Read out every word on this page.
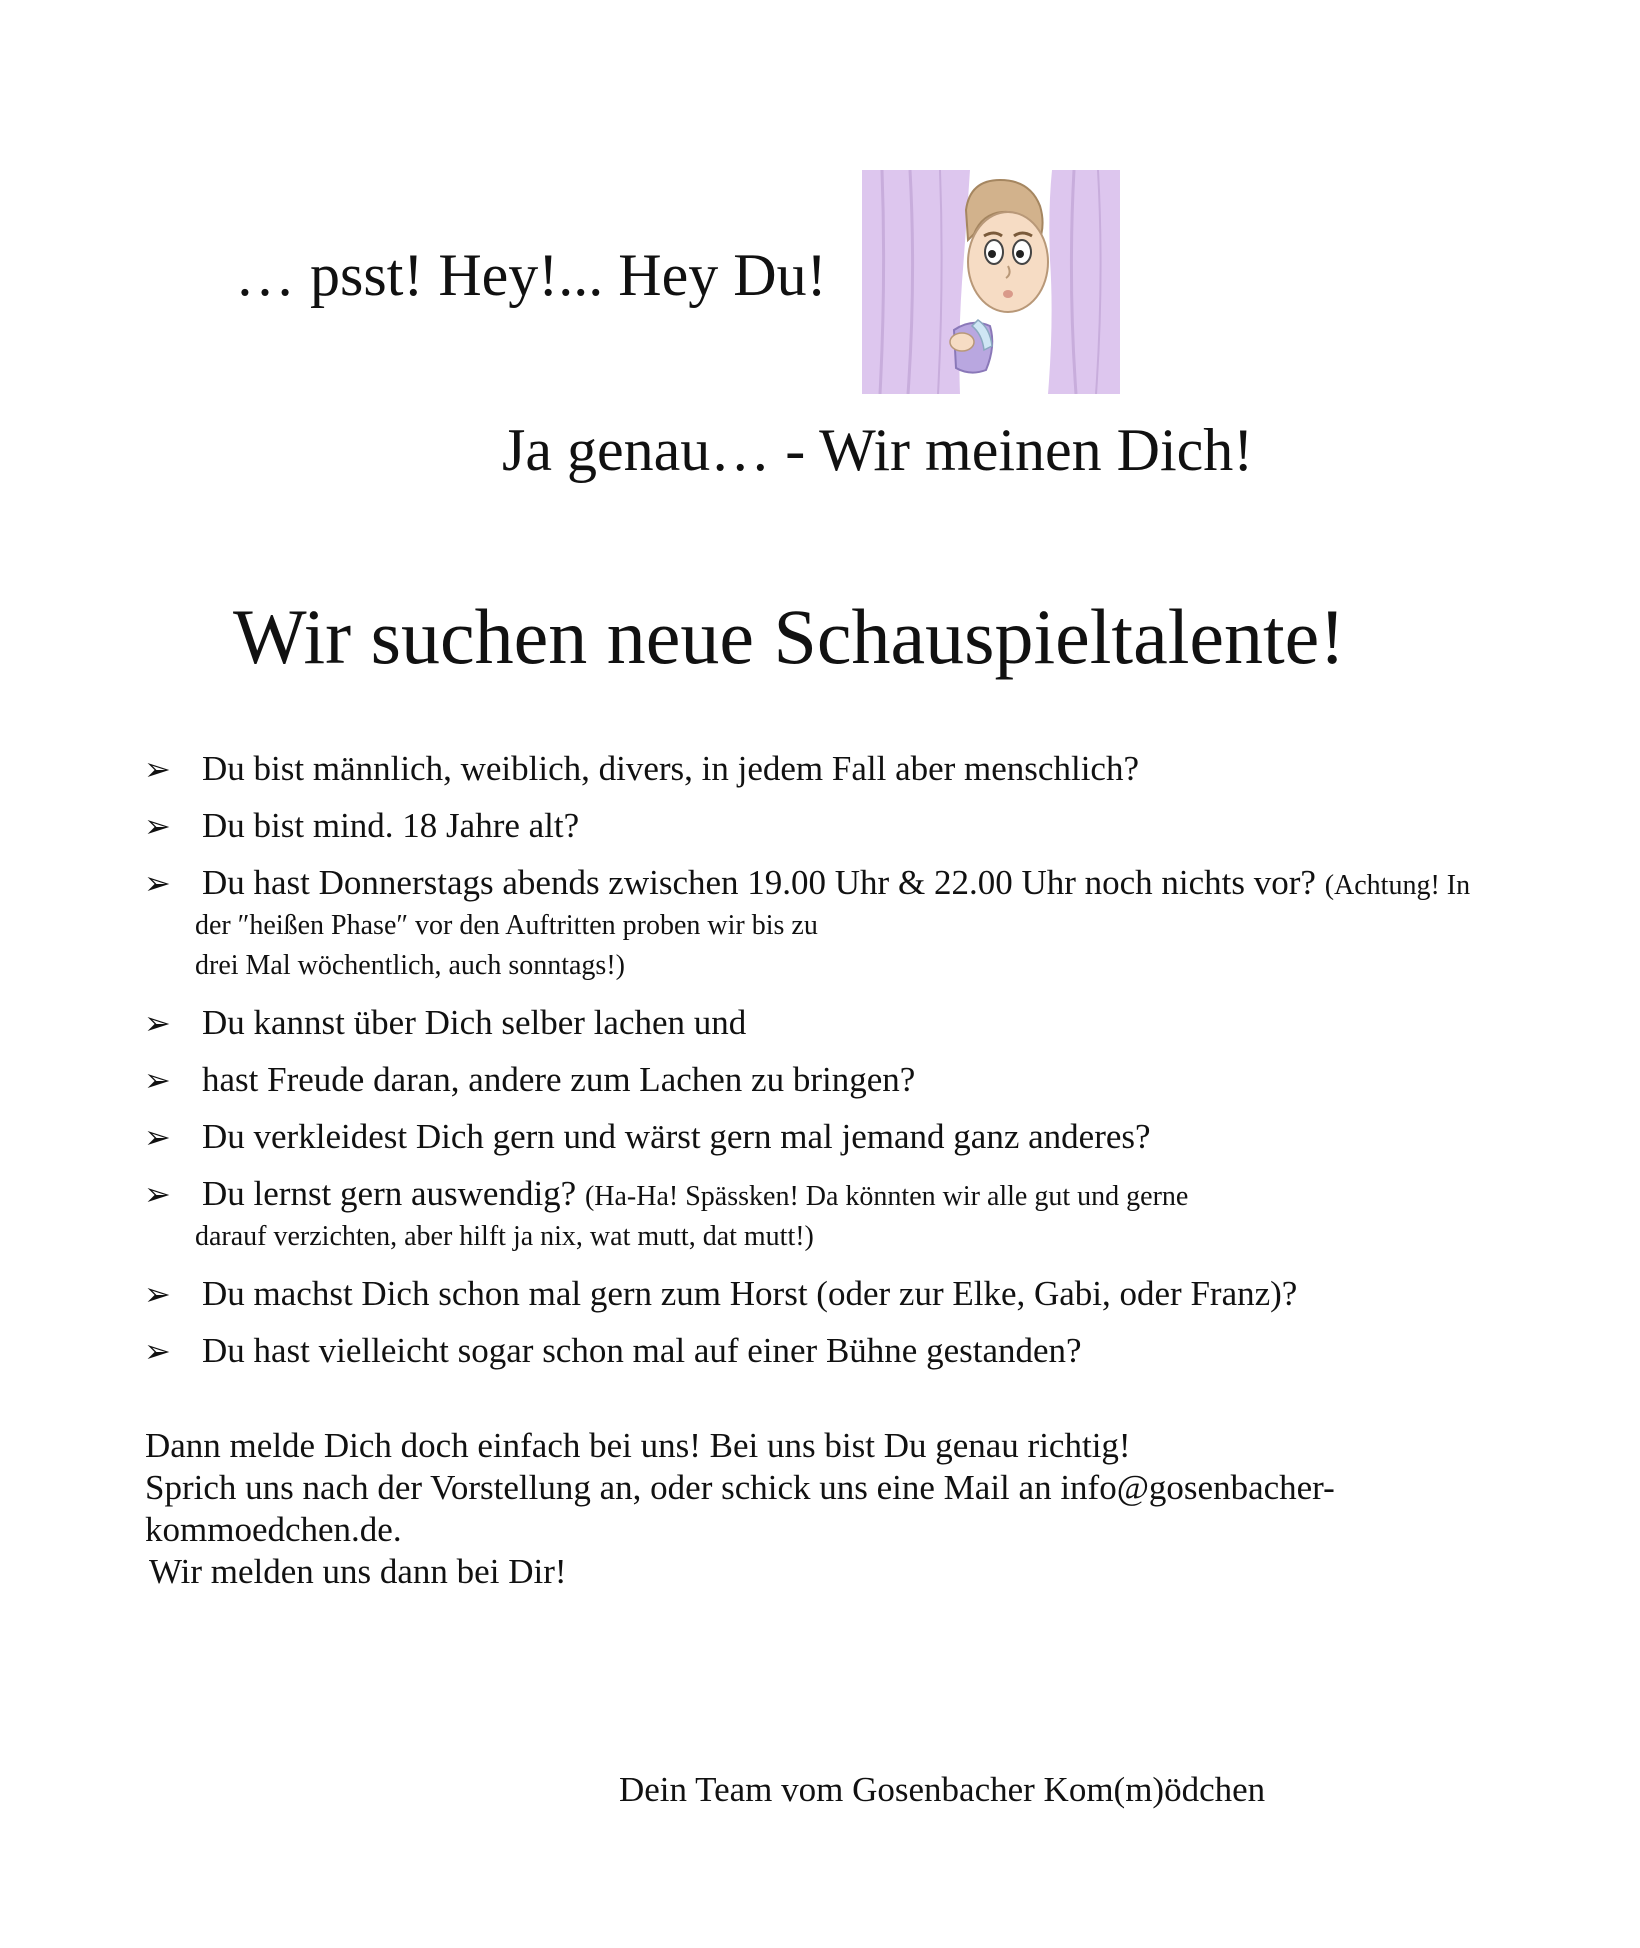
… psst! Hey!... Hey Du!
Ja genau… - Wir meinen Dich!
Wir suchen neue Schauspieltalente!
➢ Du bist männlich, weiblich, divers, in jedem Fall aber menschlich?
➢ Du bist mind. 18 Jahre alt?
➢ Du hast Donnerstags abends zwischen 19.00 Uhr & 22.00 Uhr noch nichts vor? (Achtung! In
der ″heißen Phase″ vor den Auftritten proben wir bis zu
drei Mal wöchentlich, auch sonntags!)
➢ Du kannst über Dich selber lachen und
➢ hast Freude daran, andere zum Lachen zu bringen?
➢ Du verkleidest Dich gern und wärst gern mal jemand ganz anderes?
➢ Du lernst gern auswendig? (Ha-Ha! Spässken! Da könnten wir alle gut und gerne
darauf verzichten, aber hilft ja nix, wat mutt, dat mutt!)
➢ Du machst Dich schon mal gern zum Horst (oder zur Elke, Gabi, oder Franz)?
➢ Du hast vielleicht sogar schon mal auf einer Bühne gestanden?
Dann melde Dich doch einfach bei uns! Bei uns bist Du genau richtig!
Sprich uns nach der Vorstellung an, oder schick uns eine Mail an info@gosenbacher-
kommoedchen.de.
Wir melden uns dann bei Dir!
Dein Team vom Gosenbacher Kom(m)ödchen
